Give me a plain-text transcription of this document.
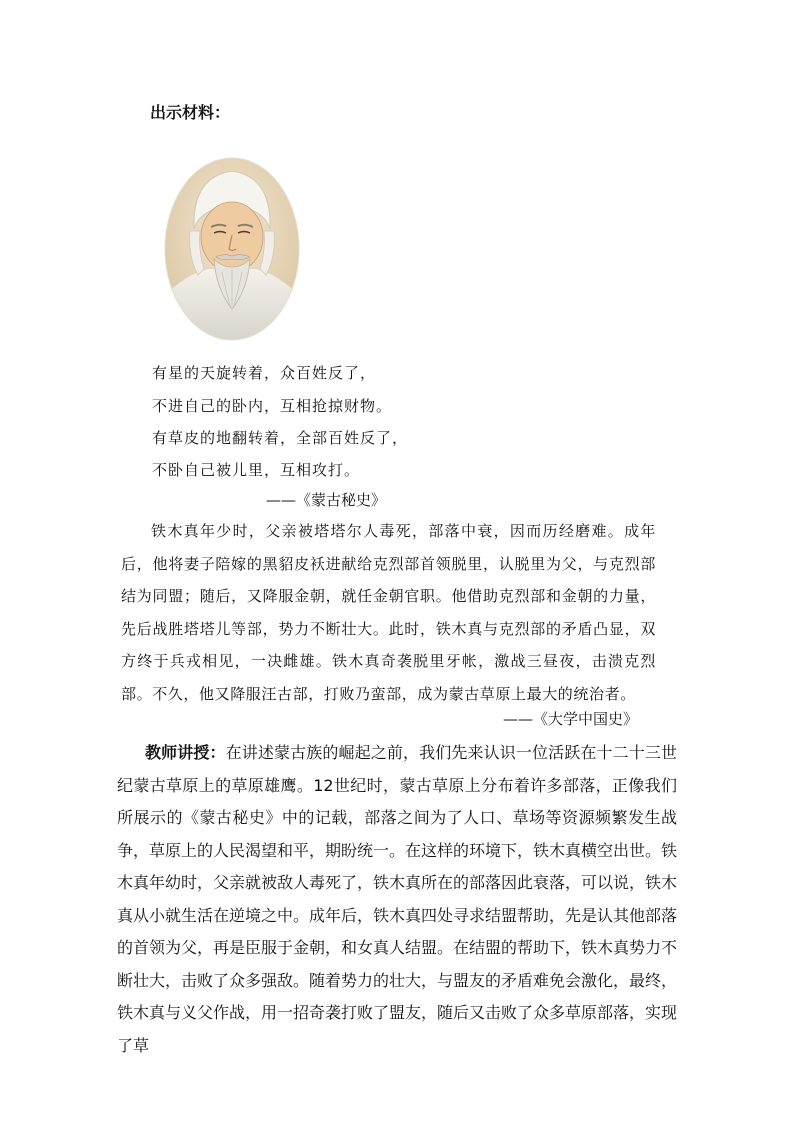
出示材料：
有星的天旋转着，众百姓反了，
不进自己的卧内，互相抢掠财物。
有草皮的地翻转着，全部百姓反了，
不卧自己被儿里，互相攻打。
——《蒙古秘史》
铁木真年少时，父亲被塔塔尔人毒死，部落中衰，因而历经磨难。成年后，他将妻子陪嫁的黑貂皮袄进献给克烈部首领脱里，认脱里为父，与克烈部结为同盟；随后，又降服金朝，就任金朝官职。他借助克烈部和金朝的力量，先后战胜塔塔儿等部，势力不断壮大。此时，铁木真与克烈部的矛盾凸显，双方终于兵戎相见，一决雌雄。铁木真奇袭脱里牙帐，激战三昼夜，击溃克烈部。不久，他又降服汪古部，打败乃蛮部，成为蒙古草原上最大的统治者。
——《大学中国史》
教师讲授：在讲述蒙古族的崛起之前，我们先来认识一位活跃在十二十三世纪蒙古草原上的草原雄鹰。12世纪时，蒙古草原上分布着许多部落，正像我们所展示的《蒙古秘史》中的记载，部落之间为了人口、草场等资源频繁发生战争，草原上的人民渴望和平，期盼统一。在这样的环境下，铁木真横空出世。铁木真年幼时，父亲就被敌人毒死了，铁木真所在的部落因此衰落，可以说，铁木真从小就生活在逆境之中。成年后，铁木真四处寻求结盟帮助，先是认其他部落的首领为父，再是臣服于金朝，和女真人结盟。在结盟的帮助下，铁木真势力不断壮大，击败了众多强敌。随着势力的壮大，与盟友的矛盾难免会激化，最终，铁木真与义父作战，用一招奇袭打败了盟友，随后又击败了众多草原部落，实现了草
